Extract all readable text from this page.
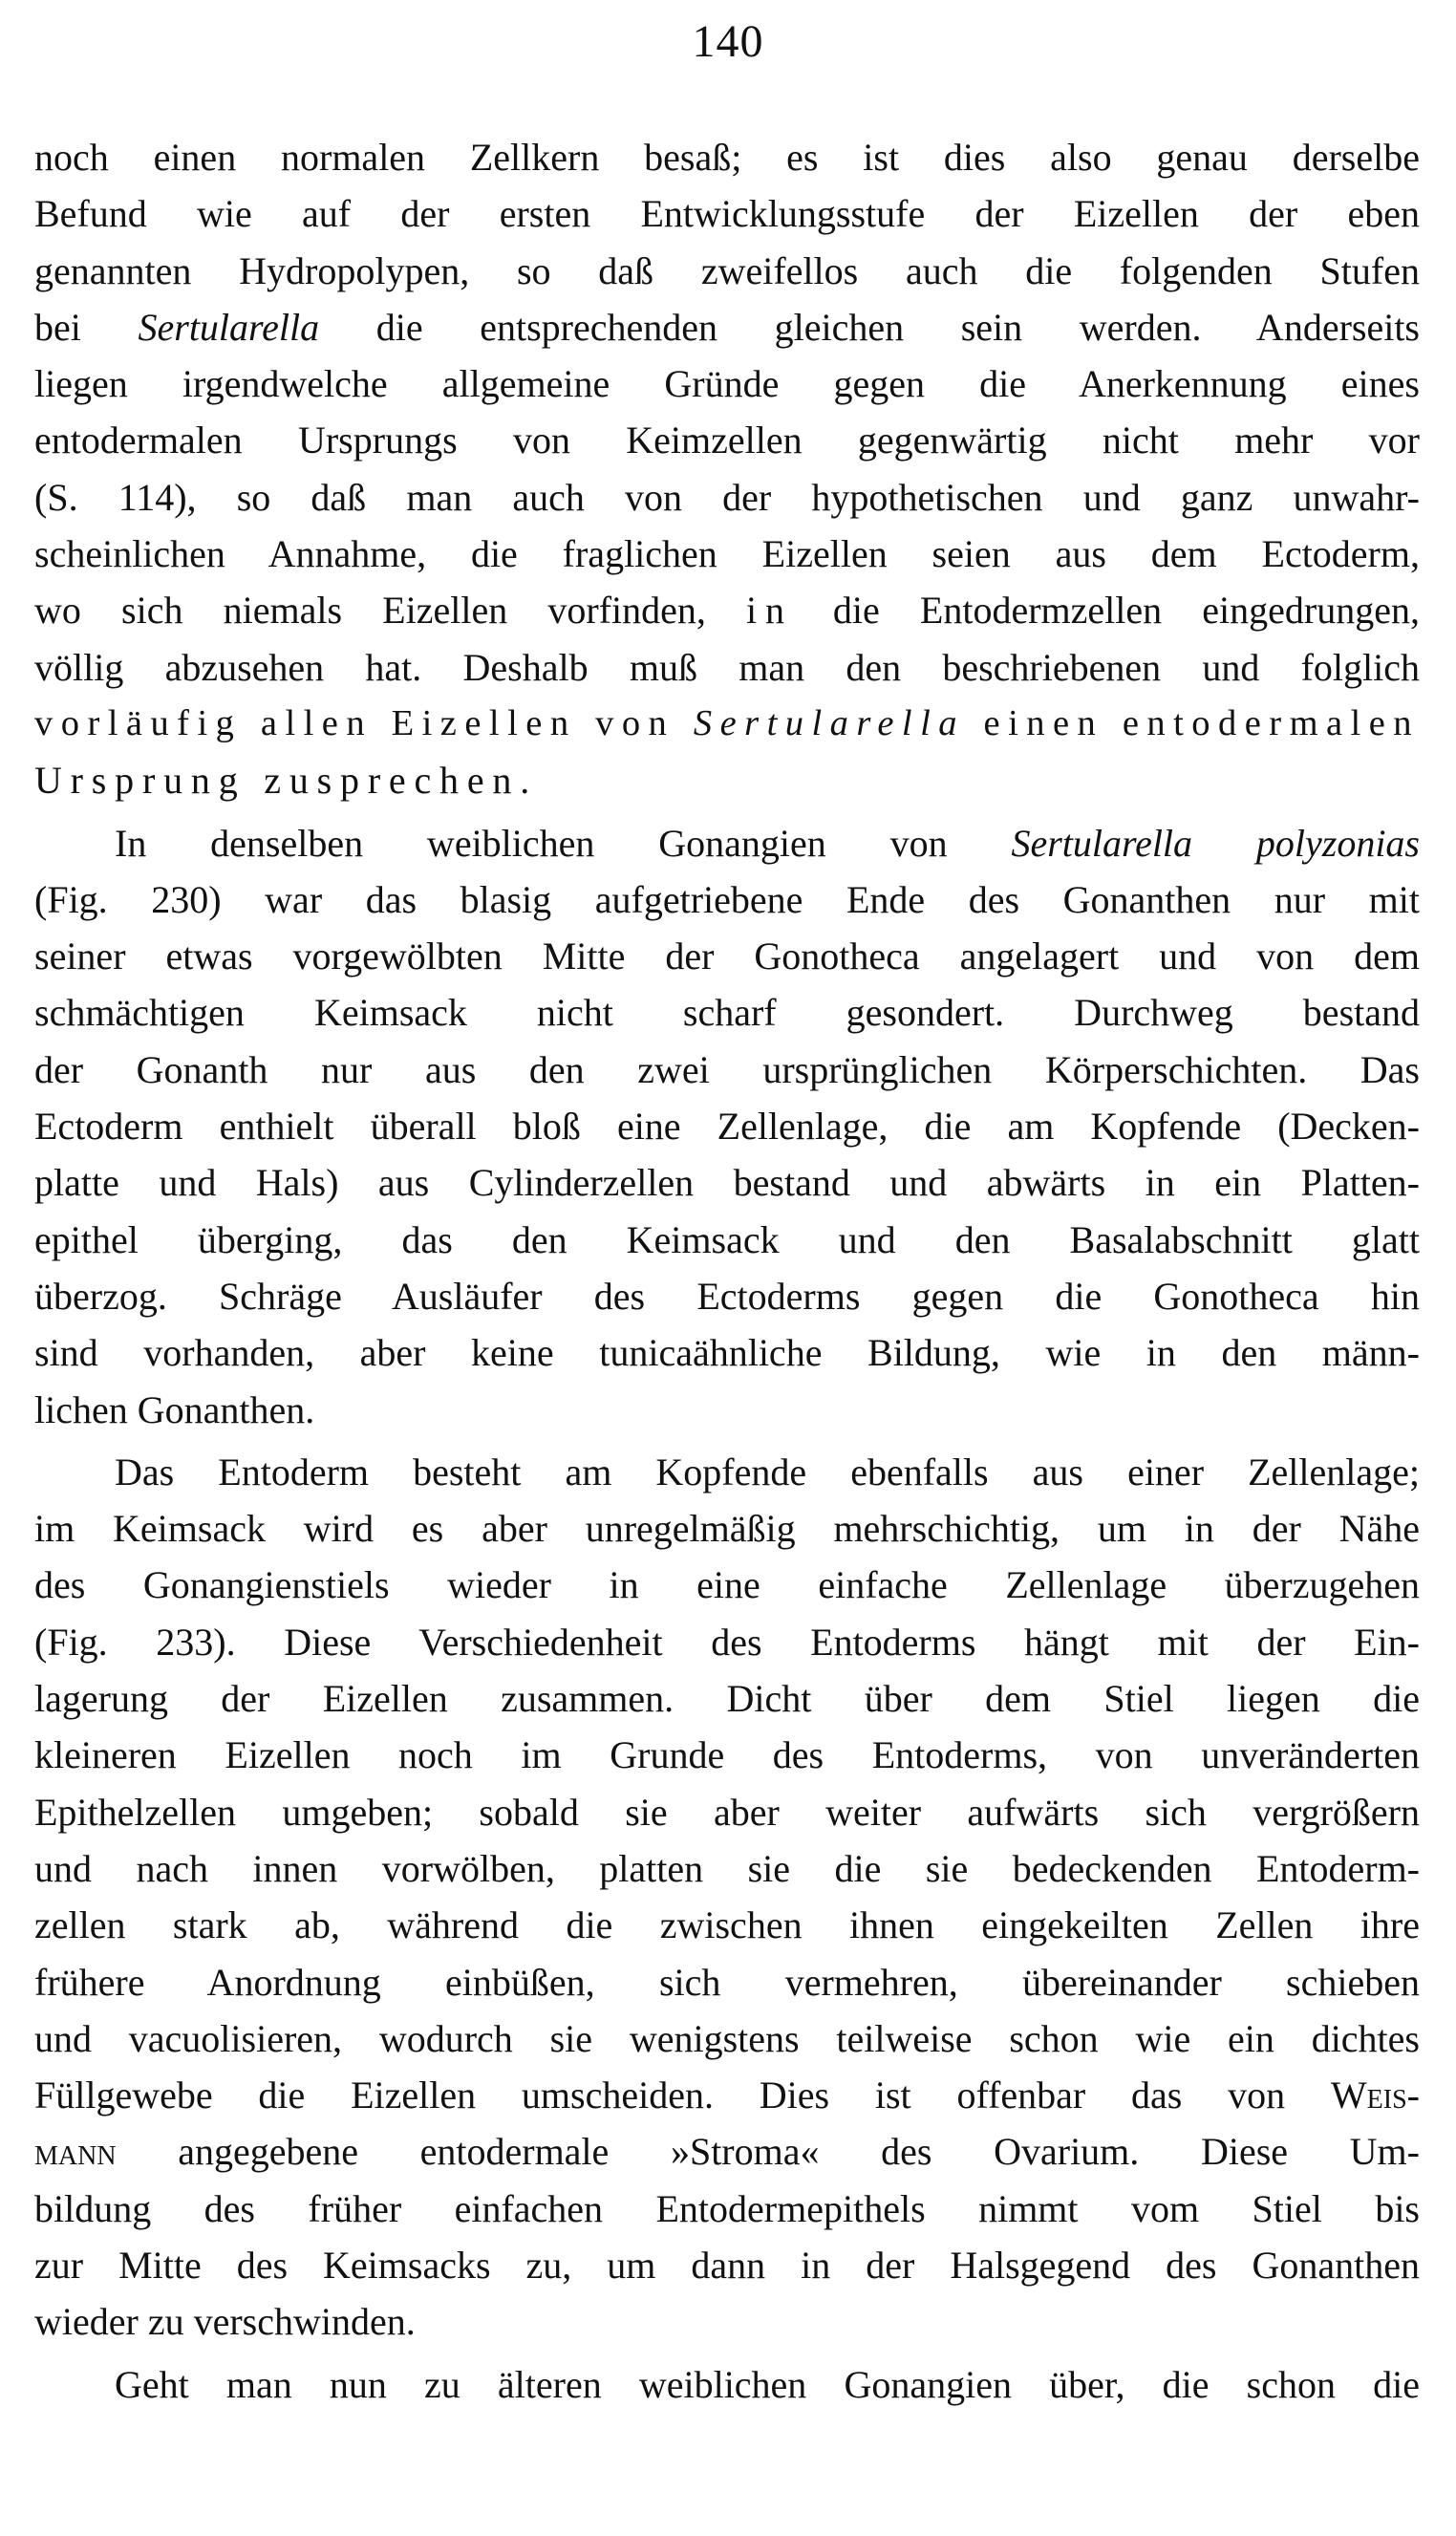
140
noch einen normalen Zellkern besaß; es ist dies also genau derselbe
Befund wie auf der ersten Entwicklungsstufe der Eizellen der eben
genannten Hydropolypen, so daß zweifellos auch die folgenden Stufen
bei Sertularella die entsprechenden gleichen sein werden. Anderseits
liegen irgendwelche allgemeine Gründe gegen die Anerkennung eines
entodermalen Ursprungs von Keimzellen gegenwärtig nicht mehr vor
(S. 114), so daß man auch von der hypothetischen und ganz unwahr-
scheinlichen Annahme, die fraglichen Eizellen seien aus dem Ectoderm,
wo sich niemals Eizellen vorfinden, in die Entodermzellen eingedrungen,
völlig abzusehen hat. Deshalb muß man den beschriebenen und folglich
vorläufig allen Eizellen von Sertularella einen entodermalen
Ursprung zusprechen.
In denselben weiblichen Gonangien von Sertularella polyzonias
(Fig. 230) war das blasig aufgetriebene Ende des Gonanthen nur mit
seiner etwas vorgewölbten Mitte der Gonotheca angelagert und von dem
schmächtigen Keimsack nicht scharf gesondert. Durchweg bestand
der Gonanth nur aus den zwei ursprünglichen Körperschichten. Das
Ectoderm enthielt überall bloß eine Zellenlage, die am Kopfende (Decken-
platte und Hals) aus Cylinderzellen bestand und abwärts in ein Platten-
epithel überging, das den Keimsack und den Basalabschnitt glatt
überzog. Schräge Ausläufer des Ectoderms gegen die Gonotheca hin
sind vorhanden, aber keine tunicaähnliche Bildung, wie in den männ-
lichen Gonanthen.
Das Entoderm besteht am Kopfende ebenfalls aus einer Zellenlage;
im Keimsack wird es aber unregelmäßig mehrschichtig, um in der Nähe
des Gonangienstiels wieder in eine einfache Zellenlage überzugehen
(Fig. 233). Diese Verschiedenheit des Entoderms hängt mit der Ein-
lagerung der Eizellen zusammen. Dicht über dem Stiel liegen die
kleineren Eizellen noch im Grunde des Entoderms, von unveränderten
Epithelzellen umgeben; sobald sie aber weiter aufwärts sich vergrößern
und nach innen vorwölben, platten sie die sie bedeckenden Entoderm-
zellen stark ab, während die zwischen ihnen eingekeilten Zellen ihre
frühere Anordnung einbüßen, sich vermehren, übereinander schieben
und vacuolisieren, wodurch sie wenigstens teilweise schon wie ein dichtes
Füllgewebe die Eizellen umscheiden. Dies ist offenbar das von Weis-
mann angegebene entodermale »Stroma« des Ovarium. Diese Um-
bildung des früher einfachen Entodermepithels nimmt vom Stiel bis
zur Mitte des Keimsacks zu, um dann in der Halsgegend des Gonanthen
wieder zu verschwinden.
Geht man nun zu älteren weiblichen Gonangien über, die schon die
